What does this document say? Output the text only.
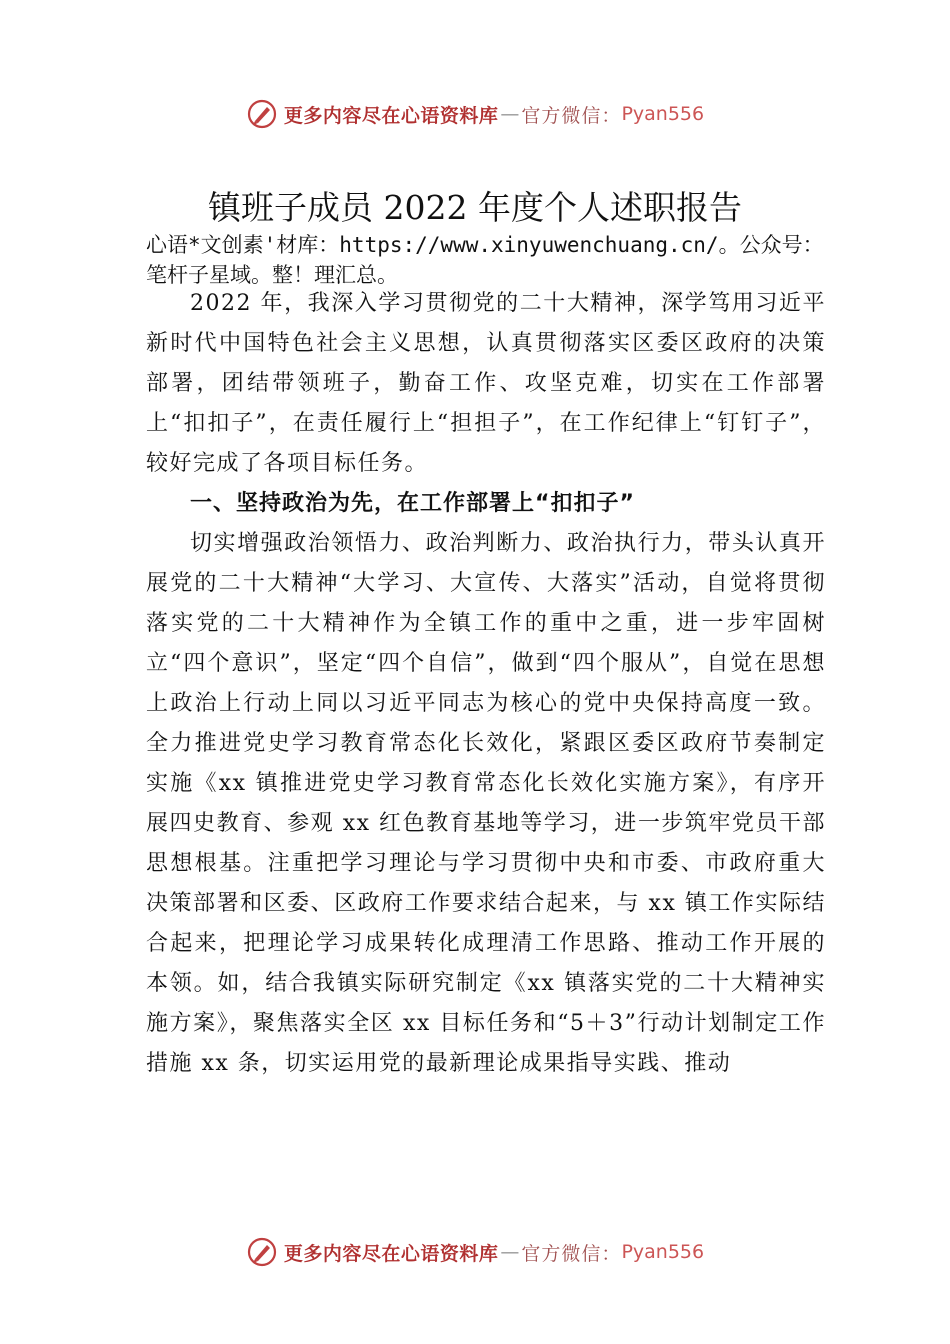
更多内容尽在心语资料库 — 官方微信： Pyan556
镇班子成员 2022 年度个人述职报告
心语*文创素'材库：https://www.xinyuwenchuang.cn/。公众号：笔杆子星域。整！理汇总。

2022 年，我深入学习贯彻党的二十大精神，深学笃用习近平新时代中国特色社会主义思想，认真贯彻落实区委区政府的决策部署，团结带领班子，勤奋工作、攻坚克难，切实在工作部署上“扣扣子”，在责任履行上“担担子”，在工作纪律上“钉钉子”，较好完成了各项目标任务。

一、坚持政治为先，在工作部署上“扣扣子”

切实增强政治领悟力、政治判断力、政治执行力，带头认真开展党的二十大精神“大学习、大宣传、大落实”活动，自觉将贯彻落实党的二十大精神作为全镇工作的重中之重，进一步牢固树立“四个意识”，坚定“四个自信”，做到“四个服从”，自觉在思想上政治上行动上同以习近平同志为核心的党中央保持高度一致。全力推进党史学习教育常态化长效化，紧跟区委区政府节奏制定实施《xx 镇推进党史学习教育常态化长效化实施方案》，有序开展四史教育、参观 xx 红色教育基地等学习，进一步筑牢党员干部思想根基。注重把学习理论与学习贯彻中央和市委、市政府重大决策部署和区委、区政府工作要求结合起来，与 xx 镇工作实际结合起来，把理论学习成果转化成理清工作思路、推动工作开展的本领。如，结合我镇实际研究制定《xx 镇落实党的二十大精神实施方案》，聚焦落实全区 xx 目标任务和“5＋3”行动计划制定工作措施 xx 条，切实运用党的最新理论成果指导实践、推动

更多内容尽在心语资料库 — 官方微信： Pyan556
